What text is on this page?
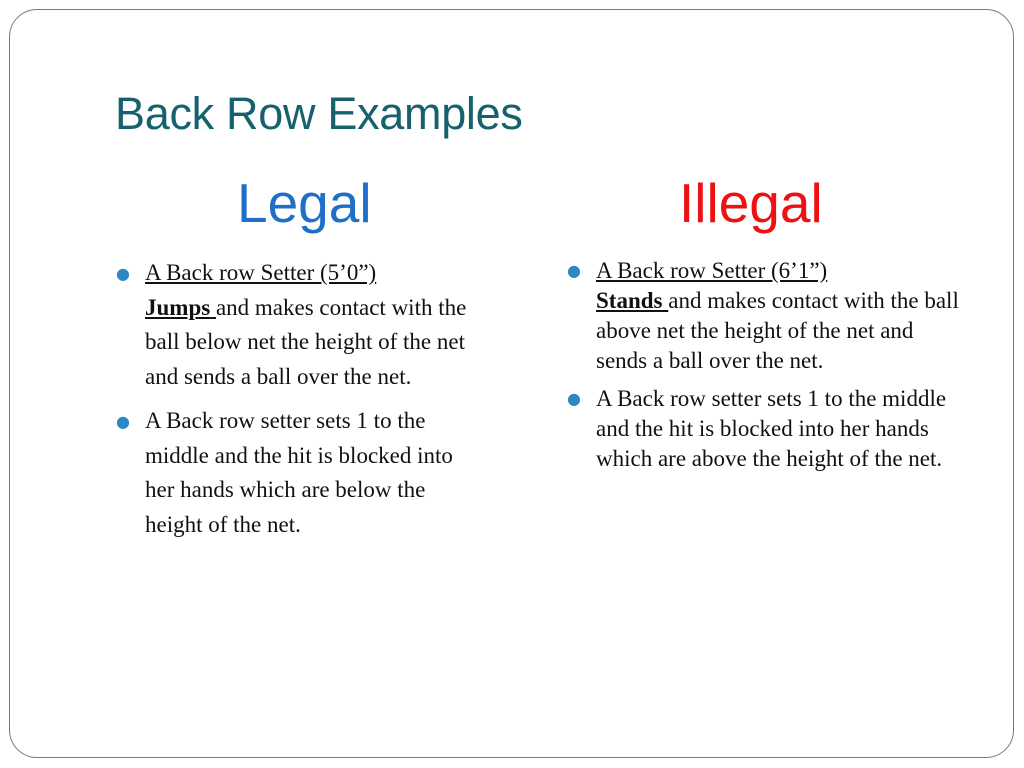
Back Row Examples
Legal	Illegal
● A Back row Setter (5’0”)
Jumps and makes contact with the ball below net the height of the net and sends a ball over the net.
● A Back row setter sets 1 to the middle and the hit is blocked into her hands which are below the height of the net.
● A Back row Setter (6’1”)
Stands and makes contact with the ball above net the height of the net and sends a ball over the net.
● A Back row setter sets 1 to the middle and the hit is blocked into her hands which are above the height of the net.
